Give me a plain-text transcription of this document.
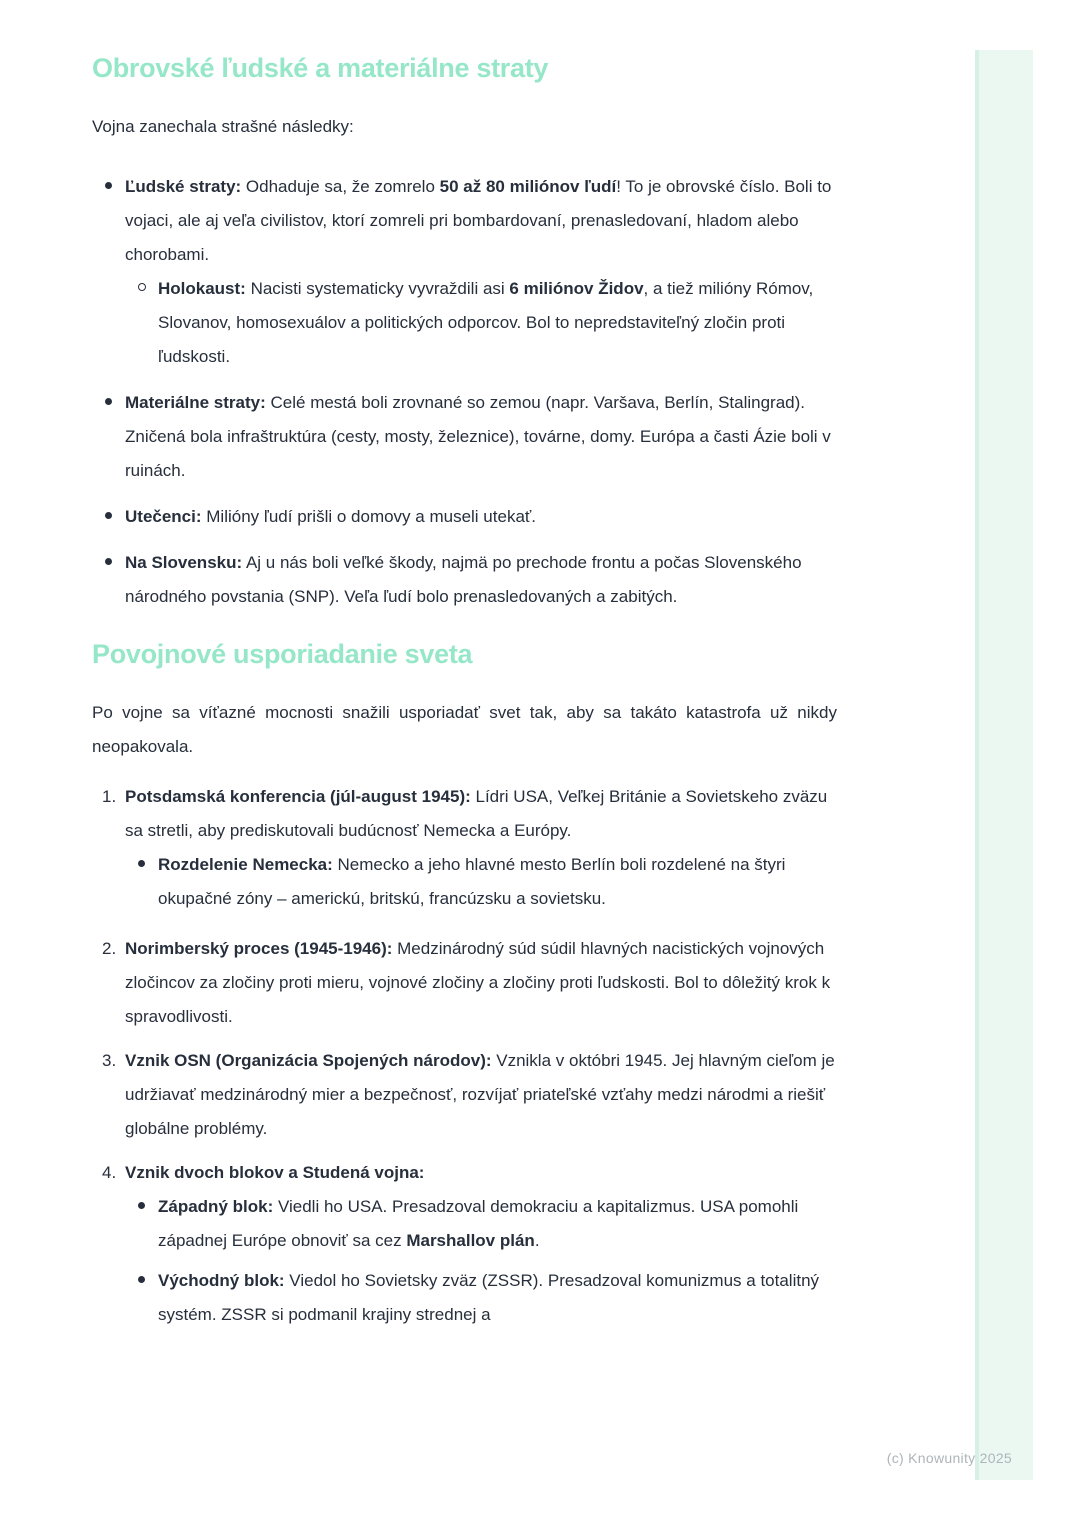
Obrovské ľudské a materiálne straty

Vojna zanechala strašné následky:

Ľudské straty: Odhaduje sa, že zomrelo 50 až 80 miliónov ľudí! To je obrovské číslo. Boli to vojaci, ale aj veľa civilistov, ktorí zomreli pri bombardovaní, prenasledovaní, hladom alebo chorobami.
Holokaust: Nacisti systematicky vyvraždili asi 6 miliónov Židov, a tiež milióny Rómov, Slovanov, homosexuálov a politických odporcov. Bol to nepredstaviteľný zločin proti ľudskosti.
Materiálne straty: Celé mestá boli zrovnané so zemou (napr. Varšava, Berlín, Stalingrad). Zničená bola infraštruktúra (cesty, mosty, železnice), továrne, domy. Európa a časti Ázie boli v ruinách.
Utečenci: Milióny ľudí prišli o domovy a museli utekať.
Na Slovensku: Aj u nás boli veľké škody, najmä po prechode frontu a počas Slovenského národného povstania (SNP). Veľa ľudí bolo prenasledovaných a zabitých.
Povojnové usporiadanie sveta

Po vojne sa víťazné mocnosti snažili usporiadať svet tak, aby sa takáto katastrofa už nikdy neopakovala.

1. Potsdamská konferencia (júl-august 1945): Lídri USA, Veľkej Británie a Sovietskeho zväzu sa stretli, aby prediskutovali budúcnosť Nemecka a Európy.
Rozdelenie Nemecka: Nemecko a jeho hlavné mesto Berlín boli rozdelené na štyri okupačné zóny – americkú, britskú, francúzsku a sovietsku.
2. Norimberský proces (1945-1946): Medzinárodný súd súdil hlavných nacistických vojnových zločincov za zločiny proti mieru, vojnové zločiny a zločiny proti ľudskosti. Bol to dôležitý krok k spravodlivosti.
3. Vznik OSN (Organizácia Spojených národov): Vznikla v októbri 1945. Jej hlavným cieľom je udržiavať medzinárodný mier a bezpečnosť, rozvíjať priateľské vzťahy medzi národmi a riešiť globálne problémy.
4. Vznik dvoch blokov a Studená vojna:
Západný blok: Viedli ho USA. Presadzoval demokraciu a kapitalizmus. USA pomohli západnej Európe obnoviť sa cez Marshallov plán.
Východný blok: Viedol ho Sovietsky zväz (ZSSR). Presadzoval komunizmus a totalitný systém. ZSSR si podmanil krajiny strednej a
(c) Knowunity 2025
